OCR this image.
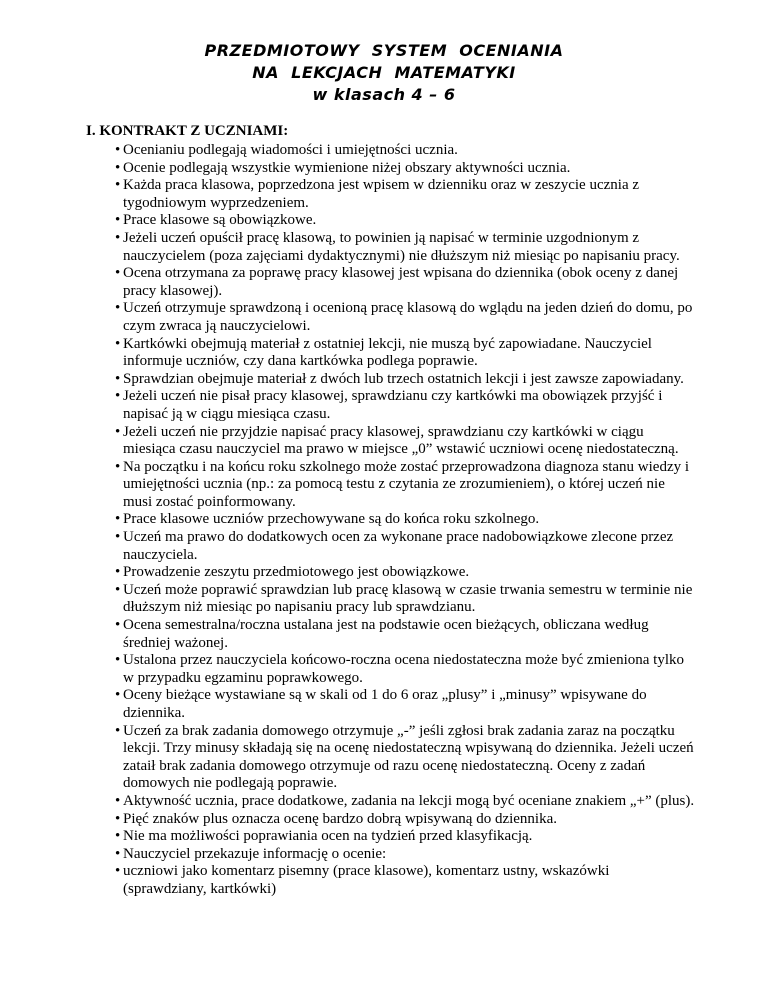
PRZEDMIOTOWY  SYSTEM  OCENIANIA
NA  LEKCJACH  MATEMATYKI
w klasach 4 – 6
I. KONTRAKT Z UCZNIAMI:
• Ocenianiu podlegają wiadomości i umiejętności ucznia.
• Ocenie podlegają wszystkie wymienione niżej obszary aktywności ucznia.
• Każda praca klasowa, poprzedzona jest wpisem w dzienniku oraz w zeszycie ucznia z tygodniowym wyprzedzeniem.
• Prace klasowe są obowiązkowe.
• Jeżeli uczeń opuścił pracę klasową, to powinien ją napisać w terminie uzgodnionym z nauczycielem (poza zajęciami dydaktycznymi) nie dłuższym niż miesiąc po napisaniu pracy.
• Ocena otrzymana za poprawę pracy klasowej jest wpisana do dziennika (obok oceny z danej pracy klasowej).
• Uczeń otrzymuje sprawdzoną i ocenioną pracę klasową do wglądu na jeden dzień do domu, po czym zwraca ją nauczycielowi.
• Kartkówki obejmują materiał z ostatniej lekcji, nie muszą być zapowiadane. Nauczyciel informuje uczniów, czy dana kartkówka podlega poprawie.
• Sprawdzian obejmuje materiał z dwóch lub trzech ostatnich lekcji i jest zawsze zapowiadany.
• Jeżeli uczeń nie pisał pracy klasowej, sprawdzianu czy kartkówki ma obowiązek przyjść i napisać ją w ciągu miesiąca czasu.
• Jeżeli uczeń nie przyjdzie napisać pracy klasowej, sprawdzianu czy kartkówki w ciągu miesiąca czasu nauczyciel ma prawo w miejsce „0” wstawić uczniowi ocenę niedostateczną.
• Na początku i na końcu roku szkolnego może zostać przeprowadzona diagnoza stanu wiedzy i umiejętności ucznia (np.: za pomocą testu z czytania ze zrozumieniem), o której uczeń nie musi zostać poinformowany.
• Prace klasowe uczniów przechowywane są do końca roku szkolnego.
• Uczeń ma prawo do dodatkowych ocen za wykonane prace nadobowiązkowe zlecone przez nauczyciela.
• Prowadzenie zeszytu przedmiotowego jest obowiązkowe.
• Uczeń może poprawić sprawdzian lub pracę klasową w czasie trwania semestru w terminie nie dłuższym niż miesiąc po napisaniu pracy lub sprawdzianu.
• Ocena semestralna/roczna ustalana jest na podstawie ocen bieżących, obliczana według średniej ważonej.
• Ustalona przez nauczyciela końcowo-roczna ocena niedostateczna może być zmieniona tylko w przypadku egzaminu poprawkowego.
• Oceny bieżące wystawiane są w skali od 1 do 6 oraz „plusy” i „minusy” wpisywane do dziennika.
• Uczeń za brak zadania domowego otrzymuje „-” jeśli zgłosi brak zadania zaraz na początku lekcji. Trzy minusy składają się na ocenę niedostateczną wpisywaną do dziennika. Jeżeli uczeń zataił brak zadania domowego otrzymuje od razu ocenę niedostateczną. Oceny z zadań domowych nie podlegają poprawie.
• Aktywność ucznia, prace dodatkowe, zadania na lekcji mogą być oceniane znakiem „+” (plus).
• Pięć znaków plus oznacza ocenę bardzo dobrą wpisywaną do dziennika.
• Nie ma możliwości poprawiania ocen na tydzień przed klasyfikacją.
• Nauczyciel przekazuje informację o ocenie:
• uczniowi jako komentarz pisemny (prace klasowe), komentarz ustny, wskazówki (sprawdziany, kartkówki)
